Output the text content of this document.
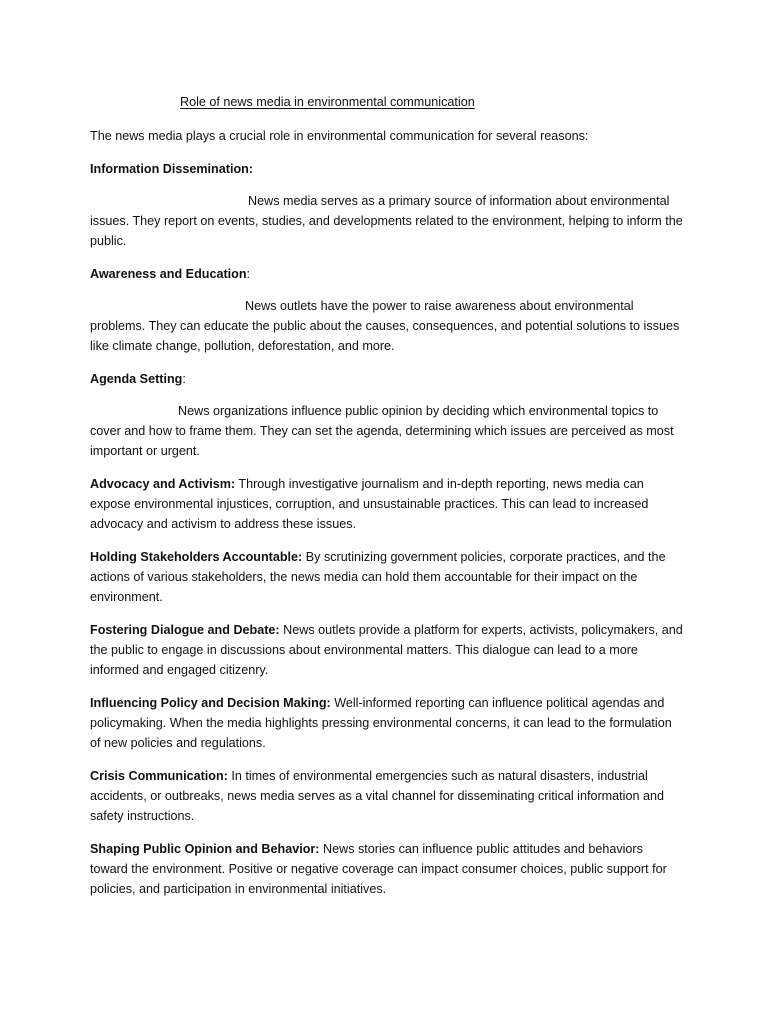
Role of news media in environmental communication

The news media plays a crucial role in environmental communication for several reasons:

Information Dissemination:

News media serves as a primary source of information about environmental issues. They report on events, studies, and developments related to the environment, helping to inform the public.

Awareness and Education:

News outlets have the power to raise awareness about environmental problems. They can educate the public about the causes, consequences, and potential solutions to issues like climate change, pollution, deforestation, and more.

Agenda Setting:

News organizations influence public opinion by deciding which environmental topics to cover and how to frame them. They can set the agenda, determining which issues are perceived as most important or urgent.

Advocacy and Activism: Through investigative journalism and in-depth reporting, news media can expose environmental injustices, corruption, and unsustainable practices. This can lead to increased advocacy and activism to address these issues.

Holding Stakeholders Accountable: By scrutinizing government policies, corporate practices, and the actions of various stakeholders, the news media can hold them accountable for their impact on the environment.

Fostering Dialogue and Debate: News outlets provide a platform for experts, activists, policymakers, and the public to engage in discussions about environmental matters. This dialogue can lead to a more informed and engaged citizenry.

Influencing Policy and Decision Making: Well-informed reporting can influence political agendas and policymaking. When the media highlights pressing environmental concerns, it can lead to the formulation of new policies and regulations.

Crisis Communication: In times of environmental emergencies such as natural disasters, industrial accidents, or outbreaks, news media serves as a vital channel for disseminating critical information and safety instructions.

Shaping Public Opinion and Behavior: News stories can influence public attitudes and behaviors toward the environment. Positive or negative coverage can impact consumer choices, public support for policies, and participation in environmental initiatives.
